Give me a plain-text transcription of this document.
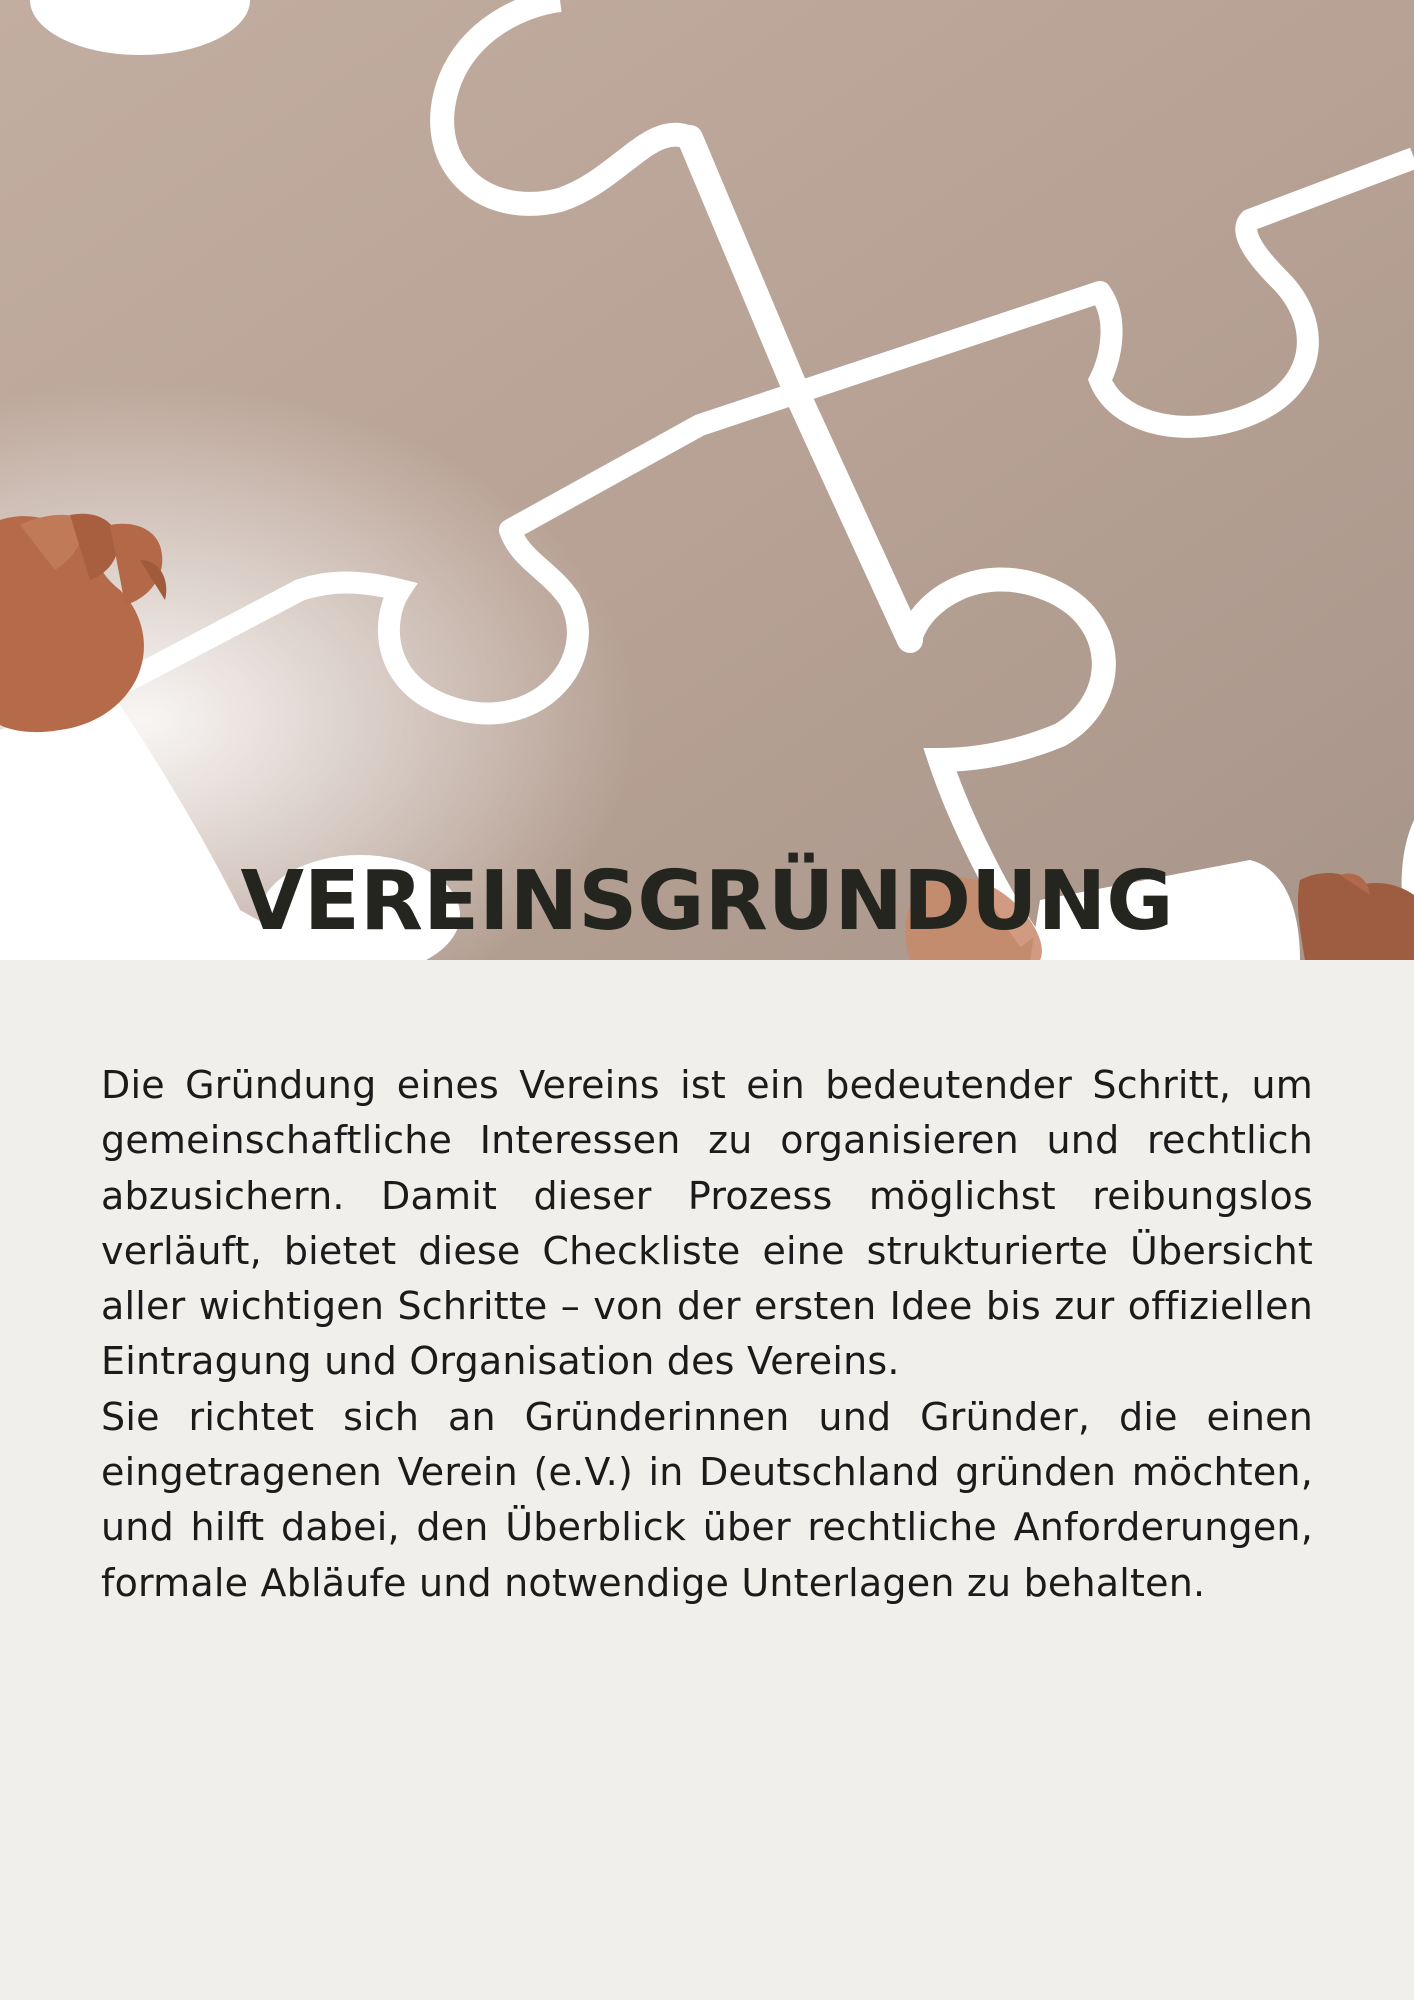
VEREINSGRÜNDUNG

Die Gründung eines Vereins ist ein bedeutender Schritt, um gemeinschaftliche Interessen zu organisieren und rechtlich abzusichern. Damit dieser Prozess möglichst reibungslos verläuft, bietet diese Checkliste eine strukturierte Übersicht aller wichtigen Schritte – von der ersten Idee bis zur offiziellen Eintragung und Organisation des Vereins.

Sie richtet sich an Gründerinnen und Gründer, die einen eingetragenen Verein (e.V.) in Deutschland gründen möchten, und hilft dabei, den Überblick über rechtliche Anforderungen, formale Abläufe und notwendige Unterlagen zu behalten.
